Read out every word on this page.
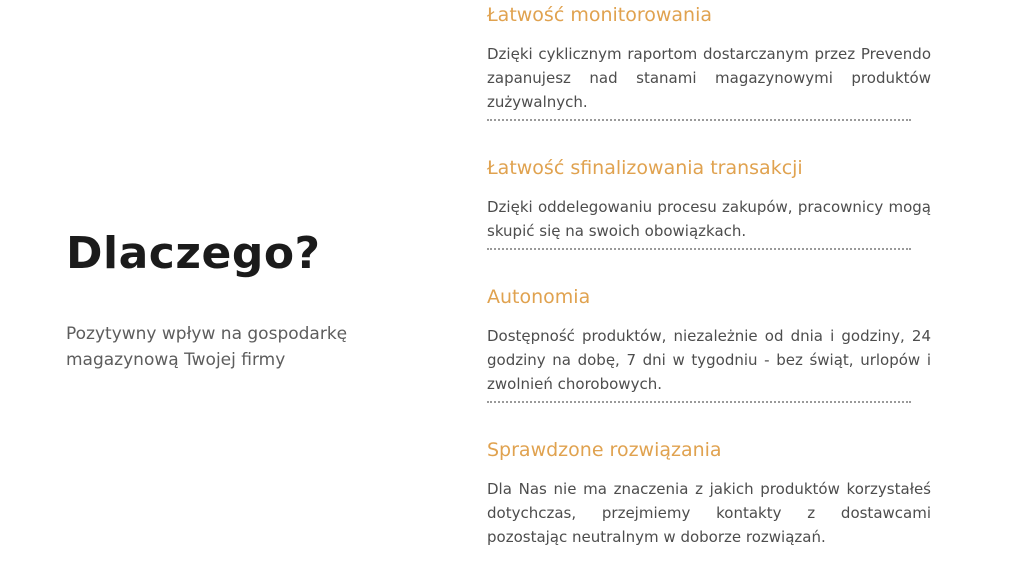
Dlaczego?

Pozytywny wpływ na gospodarkę magazynową Twojej firmy

Łatwość monitorowania

Dzięki cyklicznym raportom dostarczanym przez Prevendo zapanujesz nad stanami magazynowymi produktów zużywalnych.

Łatwość sfinalizowania transakcji

Dzięki oddelegowaniu procesu zakupów, pracownicy mogą skupić się na swoich obowiązkach.

Autonomia

Dostępność produktów, niezależnie od dnia i godziny, 24 godziny na dobę, 7 dni w tygodniu - bez świąt, urlopów i zwolnień chorobowych.

Sprawdzone rozwiązania

Dla Nas nie ma znaczenia z jakich produktów korzystałeś dotychczas, przejmiemy kontakty z dostawcami pozostając neutralnym w doborze rozwiązań.
